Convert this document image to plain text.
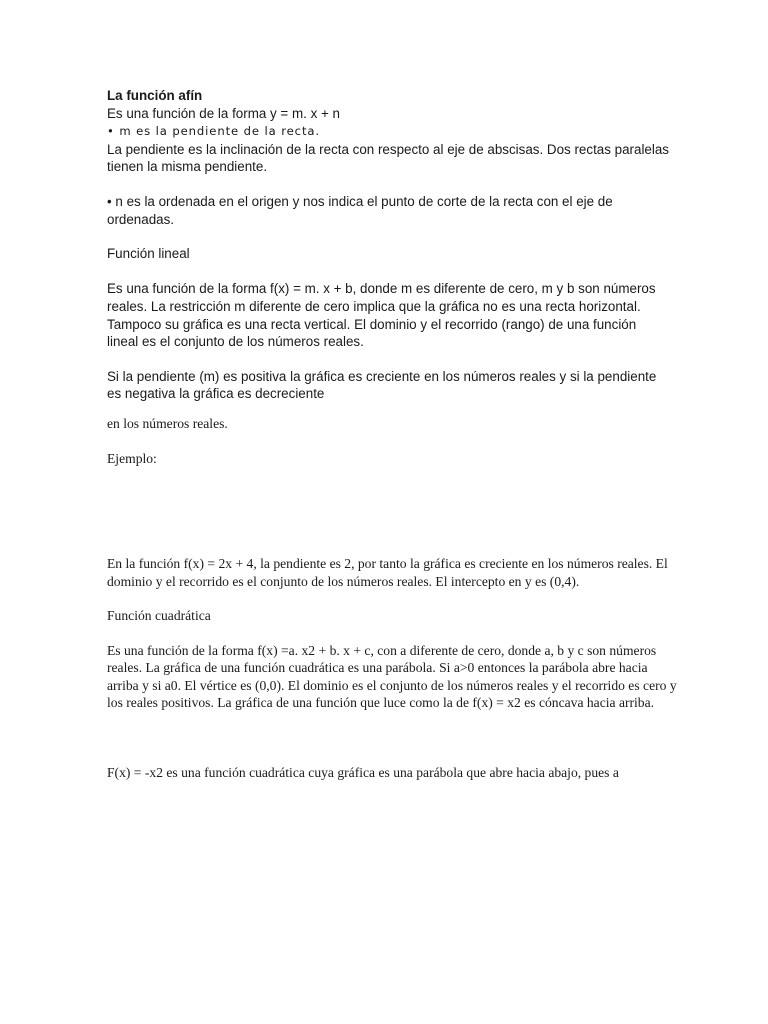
La función afín

Es una función de la forma y = m. x + n

• m es la pendiente de la recta.

La pendiente es la inclinación de la recta con respecto al eje de abscisas. Dos rectas paralelas

tienen la misma pendiente.

• n es la ordenada en el origen y nos indica el punto de corte de la recta con el eje de

ordenadas.

Función lineal

Es una función de la forma f(x) = m. x + b, donde m es diferente de cero, m y b son números

reales. La restricción m diferente de cero implica que la gráfica no es una recta horizontal.

Tampoco su gráfica es una recta vertical. El dominio y el recorrido (rango) de una función

lineal es el conjunto de los números reales.

Si la pendiente (m) es positiva la gráfica es creciente en los números reales y si la pendiente

es negativa la gráfica es decreciente

en los números reales.

Ejemplo:

En la función f(x) = 2x + 4, la pendiente es 2, por tanto la gráfica es creciente en los números reales. El

dominio y el recorrido es el conjunto de los números reales. El intercepto en y es (0,4).

Función cuadrática

Es una función de la forma f(x) =a. x2 + b. x + c, con a diferente de cero, donde a, b y c son números

reales. La gráfica de una función cuadrática es una parábola. Si a>0 entonces la parábola abre hacia

arriba y si a0. El vértice es (0,0). El dominio es el conjunto de los números reales y el recorrido es cero y

los reales positivos. La gráfica de una función que luce como la de f(x) = x2 es cóncava hacia arriba.

F(x) = -x2 es una función cuadrática cuya gráfica es una parábola que abre hacia abajo, pues a
